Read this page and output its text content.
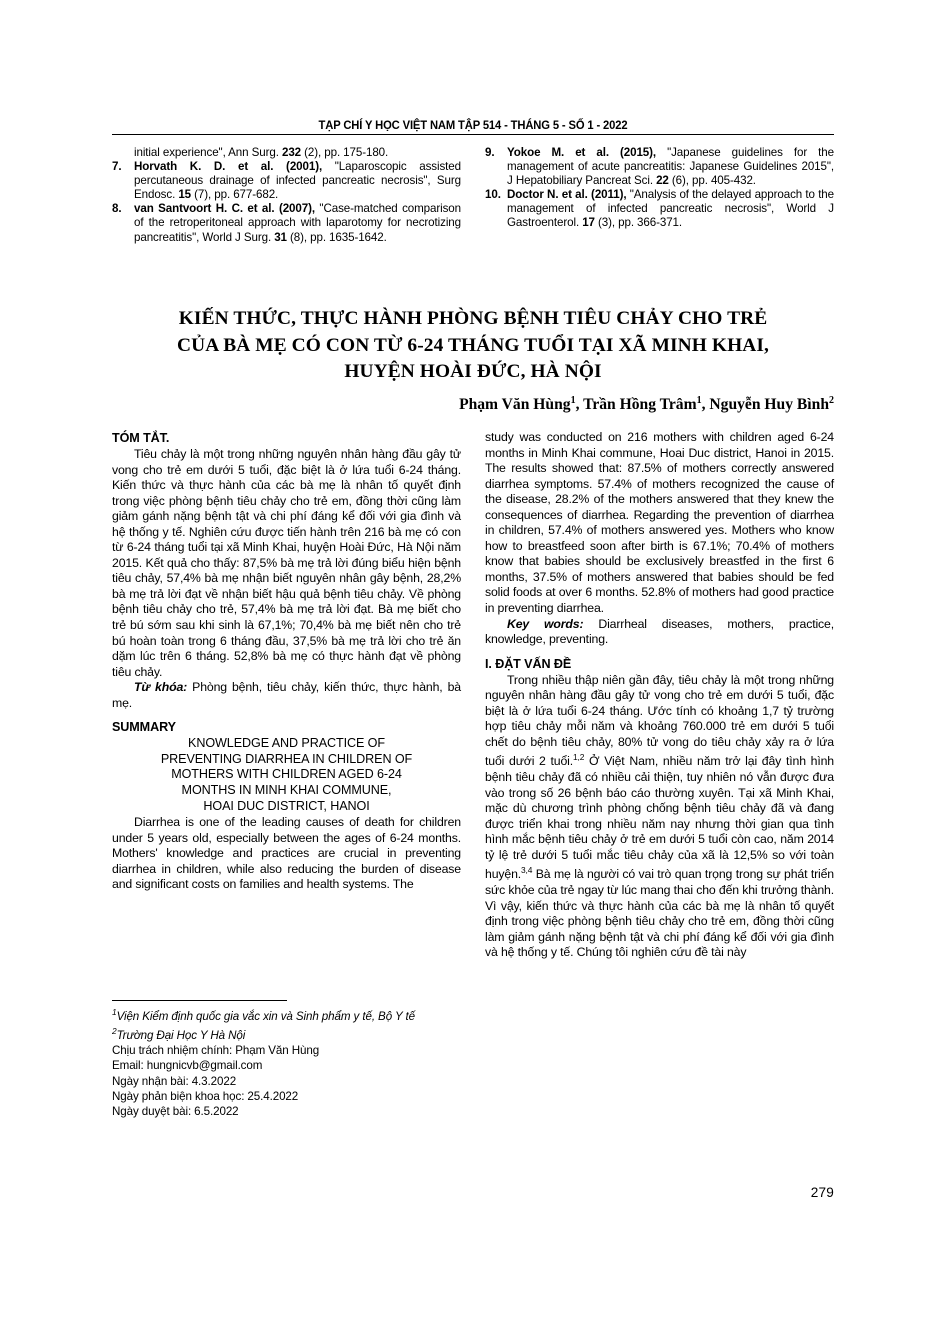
TẠP CHÍ Y HỌC VIỆT NAM TẬP 514 - THÁNG 5 - SỐ 1 - 2022
initial experience", Ann Surg. 232 (2), pp. 175-180.
7.	Horvath K. D. et al. (2001), "Laparoscopic assisted percutaneous drainage of infected pancreatic necrosis", Surg Endosc. 15 (7), pp. 677-682.
8.	van Santvoort H. C. et al. (2007), "Case-matched comparison of the retroperitoneal approach with laparotomy for necrotizing pancreatitis", World J Surg. 31 (8), pp. 1635-1642.
9.	Yokoe M. et al. (2015), "Japanese guidelines for the management of acute pancreatitis: Japanese Guidelines 2015", J Hepatobiliary Pancreat Sci. 22 (6), pp. 405-432.
10. Doctor N. et al. (2011), "Analysis of the delayed approach to the management of infected pancreatic necrosis", World J Gastroenterol. 17 (3), pp. 366-371.
KIẾN THỨC, THỰC HÀNH PHÒNG BỆNH TIÊU CHẢY CHO TRẺ
CỦA BÀ MẸ CÓ CON TỪ 6-24 THÁNG TUỔI TẠI XÃ MINH KHAI,
HUYỆN HOÀI ĐỨC, HÀ NỘI
Phạm Văn Hùng$^1$, Trần Hồng Trâm$^1$, Nguyễn Huy Bình$^2$
TÓM TẮT.

Tiêu chảy là một trong những nguyên nhân hàng đầu gây tử vong cho trẻ em dưới 5 tuổi, đặc biệt là ở lứa tuổi 6-24 tháng. Kiến thức và thực hành của các bà mẹ là nhân tố quyết định trong việc phòng bệnh tiêu chảy cho trẻ em, đồng thời cũng làm giảm gánh nặng bệnh tật và chi phí đáng kể đối với gia đình và hệ thống y tế. Nghiên cứu được tiến hành trên 216 bà mẹ có con từ 6-24 tháng tuổi tại xã Minh Khai, huyện Hoài Đức, Hà Nội năm 2015. Kết quả cho thấy: 87,5% bà mẹ trả lời đúng biểu hiện bệnh tiêu chảy, 57,4% bà mẹ nhận biết nguyên nhân gây bệnh, 28,2% bà mẹ trả lời đạt về nhận biết hậu quả bệnh tiêu chảy. Về phòng bệnh tiêu chảy cho trẻ, 57,4% bà mẹ trả lời đạt. Bà mẹ biết cho trẻ bú sớm sau khi sinh là 67,1%; 70,4% bà mẹ biết nên cho trẻ bú hoàn toàn trong 6 tháng đầu, 37,5% bà mẹ trả lời cho trẻ ăn dặm lúc trên 6 tháng. 52,8% bà mẹ có thực hành đạt về phòng tiêu chảy.

Từ khóa: Phòng bệnh, tiêu chảy, kiến thức, thực hành, bà mẹ.

SUMMARY
KNOWLEDGE AND PRACTICE OF
PREVENTING DIARRHEA IN CHILDREN OF
MOTHERS WITH CHILDREN AGED 6-24
MONTHS IN MINH KHAI COMMUNE,
HOAI DUC DISTRICT, HANOI

Diarrhea is one of the leading causes of death for children under 5 years old, especially between the ages of 6-24 months. Mothers' knowledge and practices are crucial in preventing diarrhea in children, while also reducing the burden of disease and significant costs on families and health systems. The

study was conducted on 216 mothers with children aged 6-24 months in Minh Khai commune, Hoai Duc district, Hanoi in 2015. The results showed that: 87.5% of mothers correctly answered diarrhea symptoms. 57.4% of mothers recognized the cause of the disease, 28.2% of the mothers answered that they knew the consequences of diarrhea. Regarding the prevention of diarrhea in children, 57.4% of mothers answered yes. Mothers who know how to breastfeed soon after birth is 67.1%; 70.4% of mothers know that babies should be exclusively breastfed in the first 6 months, 37.5% of mothers answered that babies should be fed solid foods at over 6 months. 52.8% of mothers had good practice in preventing diarrhea.

Key words: Diarrheal diseases, mothers, practice, knowledge, preventing.

I. ĐẶT VẤN ĐỀ

Trong nhiều thập niên gần đây, tiêu chảy là một trong những nguyên nhân hàng đầu gây tử vong cho trẻ em dưới 5 tuổi, đặc biệt là ở lứa tuổi 6-24 tháng. Ước tính có khoảng 1,7 tỷ trường hợp tiêu chảy mỗi năm và khoảng 760.000 trẻ em dưới 5 tuổi chết do bệnh tiêu chảy, 80% tử vong do tiêu chảy xảy ra ở lứa tuổi dưới 2 tuổi.$^{1,2}$ Ở Việt Nam, nhiều năm trở lại đây tình hình bệnh tiêu chảy đã có nhiều cải thiện, tuy nhiên nó vẫn được đưa vào trong số 26 bệnh báo cáo thường xuyên. Tại xã Minh Khai, mặc dù chương trình phòng chống bệnh tiêu chảy đã và đang được triển khai trong nhiều năm nay nhưng thời gian qua tình hình mắc bệnh tiêu chảy ở trẻ em dưới 5 tuổi còn cao, năm 2014 tỷ lệ trẻ dưới 5 tuổi mắc tiêu chảy của xã là 12,5% so với toàn huyện.$^{3,4}$ Bà mẹ là người có vai trò quan trọng trong sự phát triển sức khỏe của trẻ ngay từ lúc mang thai cho đến khi trưởng thành. Vì vậy, kiến thức và thực hành của các bà mẹ là nhân tố quyết định trong việc phòng bệnh tiêu chảy cho trẻ em, đồng thời cũng làm giảm gánh nặng bệnh tật và chi phí đáng kể đối với gia đình và hệ thống y tế. Chúng tôi nghiên cứu đề tài này

$^1$Viện Kiểm định quốc gia vắc xin và Sinh phẩm y tế, Bộ Y tế
$^2$Trường Đại Học Y Hà Nội
Chịu trách nhiệm chính: Phạm Văn Hùng
Email: hungnicvb@gmail.com
Ngày nhận bài: 4.3.2022
Ngày phản biện khoa học: 25.4.2022
Ngày duyệt bài: 6.5.2022
279
